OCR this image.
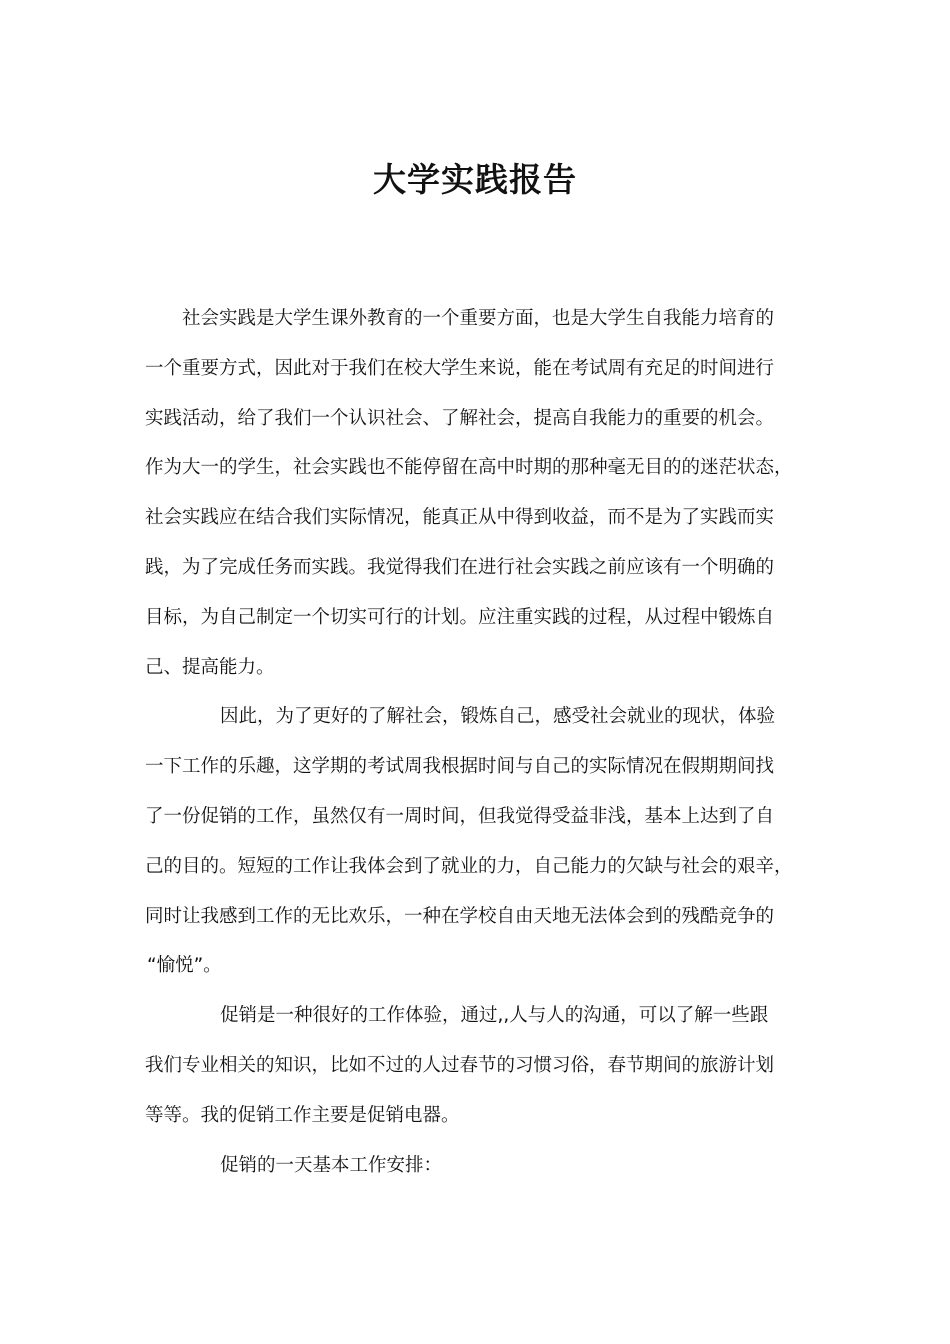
大学实践报告
社会实践是大学生课外教育的一个重要方面，也是大学生自我能力培育的
一个重要方式，因此对于我们在校大学生来说，能在考试周有充足的时间进行
实践活动，给了我们一个认识社会、了解社会，提高自我能力的重要的机会。
作为大一的学生，社会实践也不能停留在高中时期的那种毫无目的的迷茫状态，
社会实践应在结合我们实际情况，能真正从中得到收益，而不是为了实践而实
践，为了完成任务而实践。我觉得我们在进行社会实践之前应该有一个明确的
目标，为自己制定一个切实可行的计划。应注重实践的过程，从过程中锻炼自
己、提高能力。
因此，为了更好的了解社会，锻炼自己，感受社会就业的现状，体验
一下工作的乐趣，这学期的考试周我根据时间与自己的实际情况在假期期间找
了一份促销的工作，虽然仅有一周时间，但我觉得受益非浅，基本上达到了自
己的目的。短短的工作让我体会到了就业的力，自己能力的欠缺与社会的艰辛，
同时让我感到工作的无比欢乐，一种在学校自由天地无法体会到的残酷竞争的
“愉悦”。
促销是一种很好的工作体验，通过,,人与人的沟通，可以了解一些跟
我们专业相关的知识，比如不过的人过春节的习惯习俗，春节期间的旅游计划
等等。我的促销工作主要是促销电器。
促销的一天基本工作安排：
